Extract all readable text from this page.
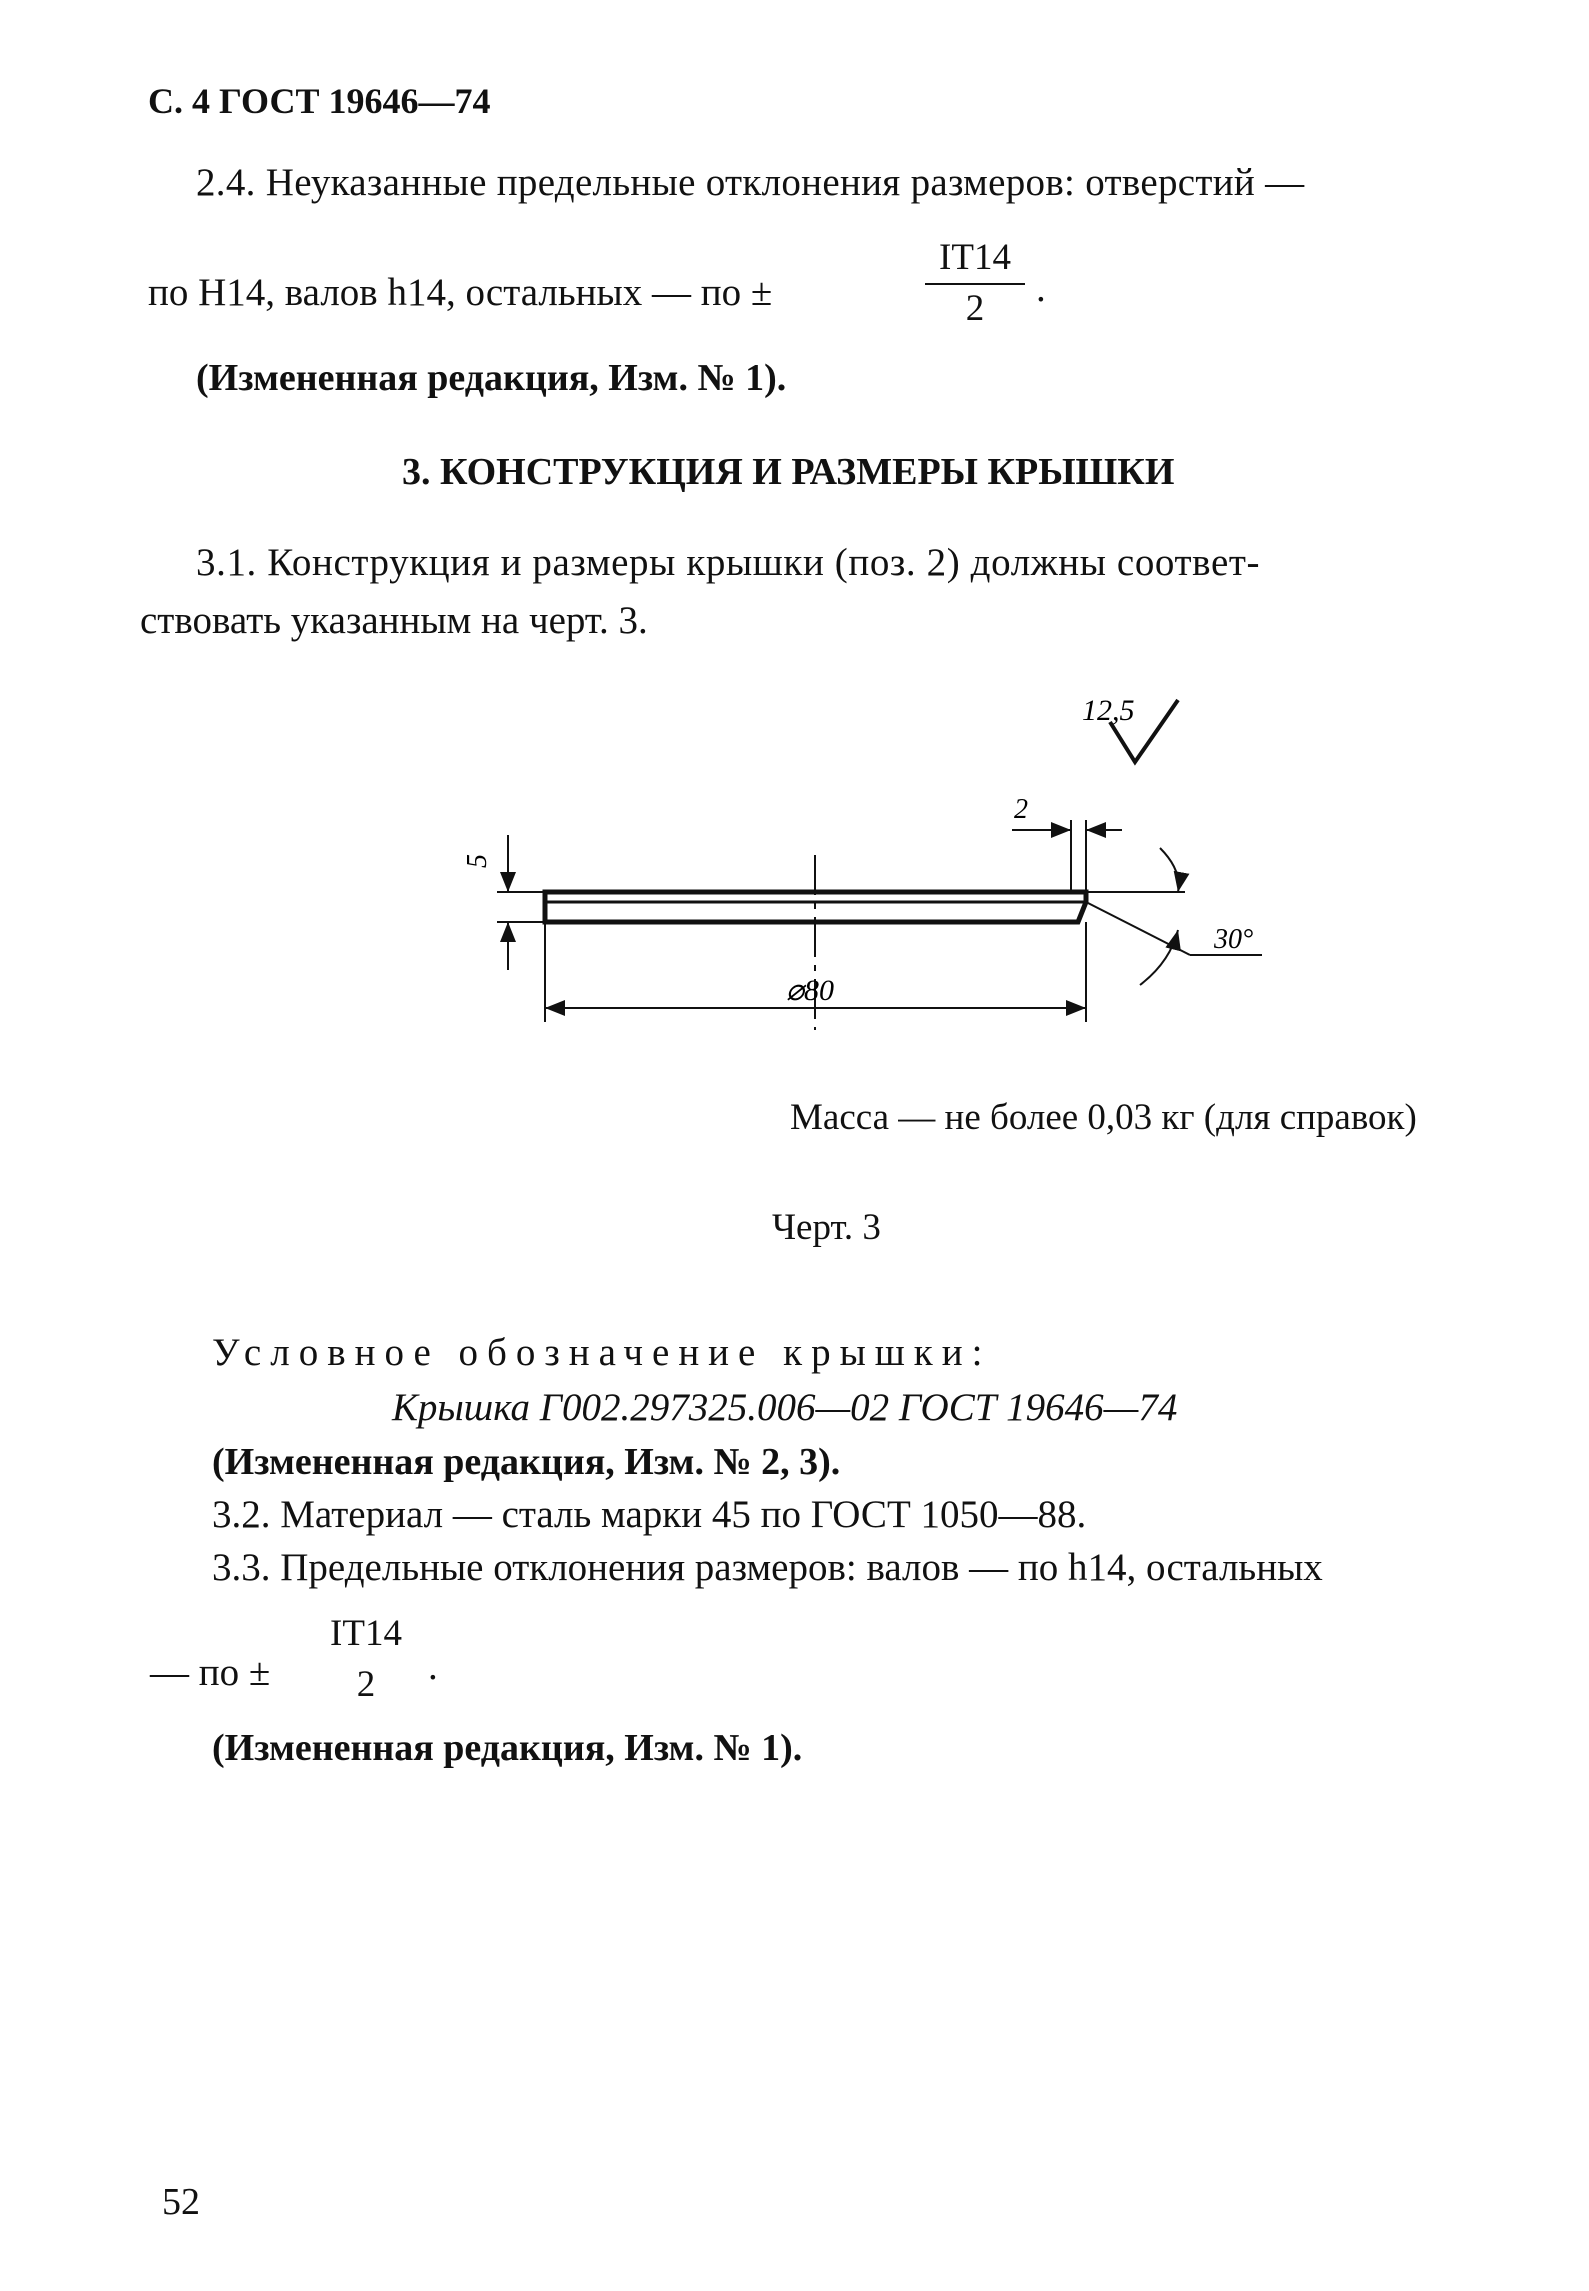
С. 4 ГОСТ 19646—74
2.4. Неуказанные предельные отклонения размеров: отверстий —
по Н14, валов h14, остальных — по ±
IT14
2	.
(Измененная редакция, Изм. № 1).
3. КОНСТРУКЦИЯ И РАЗМЕРЫ КРЫШКИ
3.1. Конструкция и размеры крышки (поз. 2) должны соответ-
ствовать указанным на черт. 3.
12,5
5
⌀80
2
30°
Масса — не более 0,03 кг (для справок)
Черт. 3
Условное обозначение крышки:
Крышка Г002.297325.006—02 ГОСТ 19646—74
(Измененная редакция, Изм. № 2, 3).
3.2. Материал — сталь марки 45 по ГОСТ 1050—88.
3.3. Предельные отклонения размеров: валов — по h14, остальных
— по ±
IT14
2	.
(Измененная редакция, Изм. № 1).
52
